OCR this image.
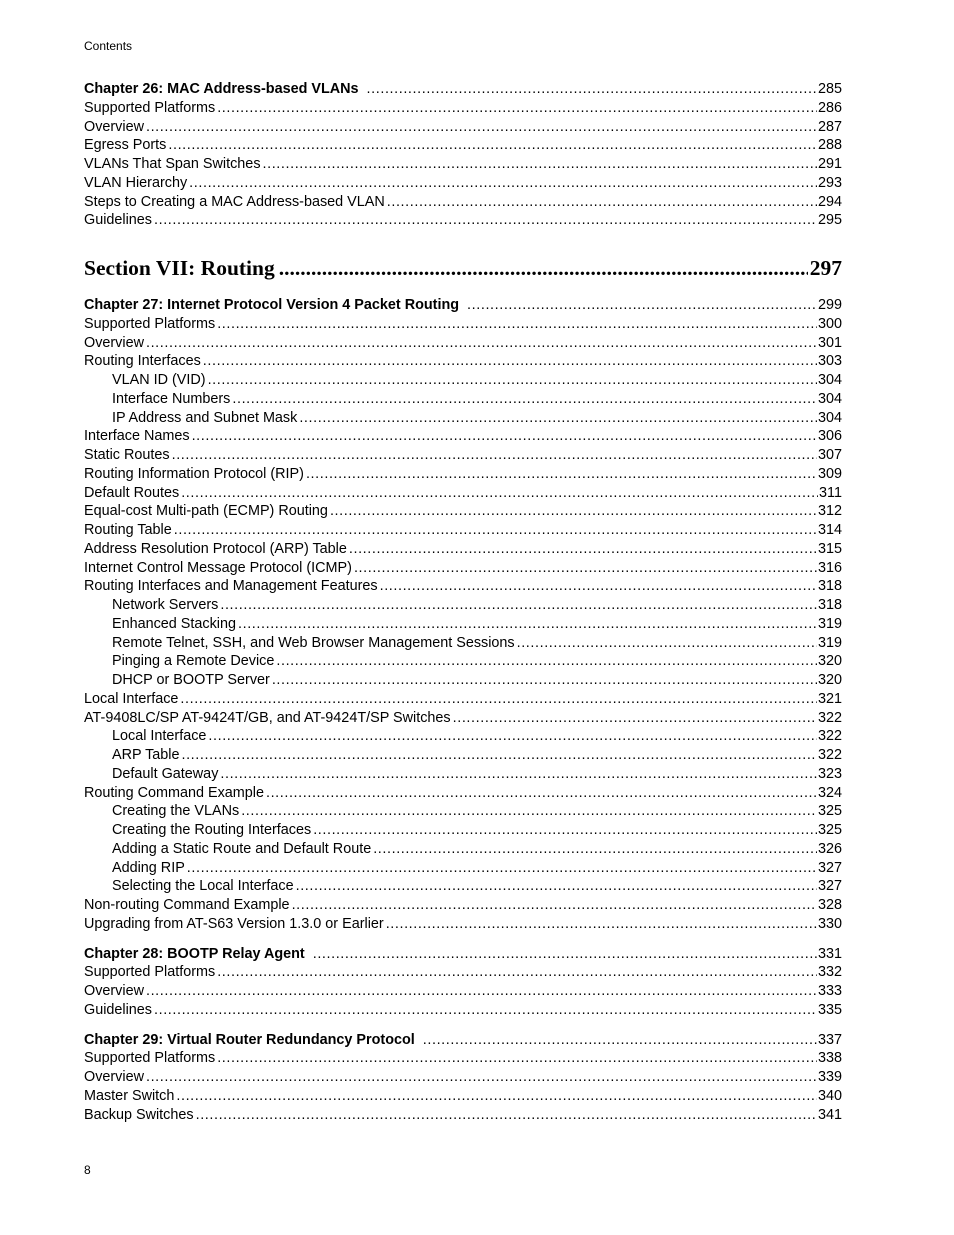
Contents
Chapter 26: MAC Address-based VLANs .....	285
Supported Platforms .....	286
Overview .....	287
Egress Ports .....	288
VLANs That Span Switches .....	291
VLAN Hierarchy .....	293
Steps to Creating a MAC Address-based VLAN .....	294
Guidelines .....	295
Section VII: Routing .....	297
Chapter 27: Internet Protocol Version 4 Packet Routing .....	299
Supported Platforms .....	300
Overview .....	301
Routing Interfaces .....	303
VLAN ID (VID) .....	304
Interface Numbers .....	304
IP Address and Subnet Mask .....	304
Interface Names .....	306
Static Routes .....	307
Routing Information Protocol (RIP) .....	309
Default Routes .....	311
Equal-cost Multi-path (ECMP) Routing .....	312
Routing Table .....	314
Address Resolution Protocol (ARP) Table .....	315
Internet Control Message Protocol (ICMP) .....	316
Routing Interfaces and Management Features .....	318
Network Servers .....	318
Enhanced Stacking .....	319
Remote Telnet, SSH, and Web Browser Management Sessions .....	319
Pinging a Remote Device .....	320
DHCP or BOOTP Server .....	320
Local Interface .....	321
AT-9408LC/SP AT-9424T/GB, and AT-9424T/SP Switches .....	322
Local Interface .....	322
ARP Table .....	322
Default Gateway .....	323
Routing Command Example .....	324
Creating the VLANs .....	325
Creating the Routing Interfaces .....	325
Adding a Static Route and Default Route .....	326
Adding RIP .....	327
Selecting the Local Interface .....	327
Non-routing Command Example .....	328
Upgrading from AT-S63 Version 1.3.0 or Earlier .....	330
Chapter 28: BOOTP Relay Agent .....	331
Supported Platforms .....	332
Overview .....	333
Guidelines .....	335
Chapter 29: Virtual Router Redundancy Protocol .....	337
Supported Platforms .....	338
Overview .....	339
Master Switch .....	340
Backup Switches .....	341
8
